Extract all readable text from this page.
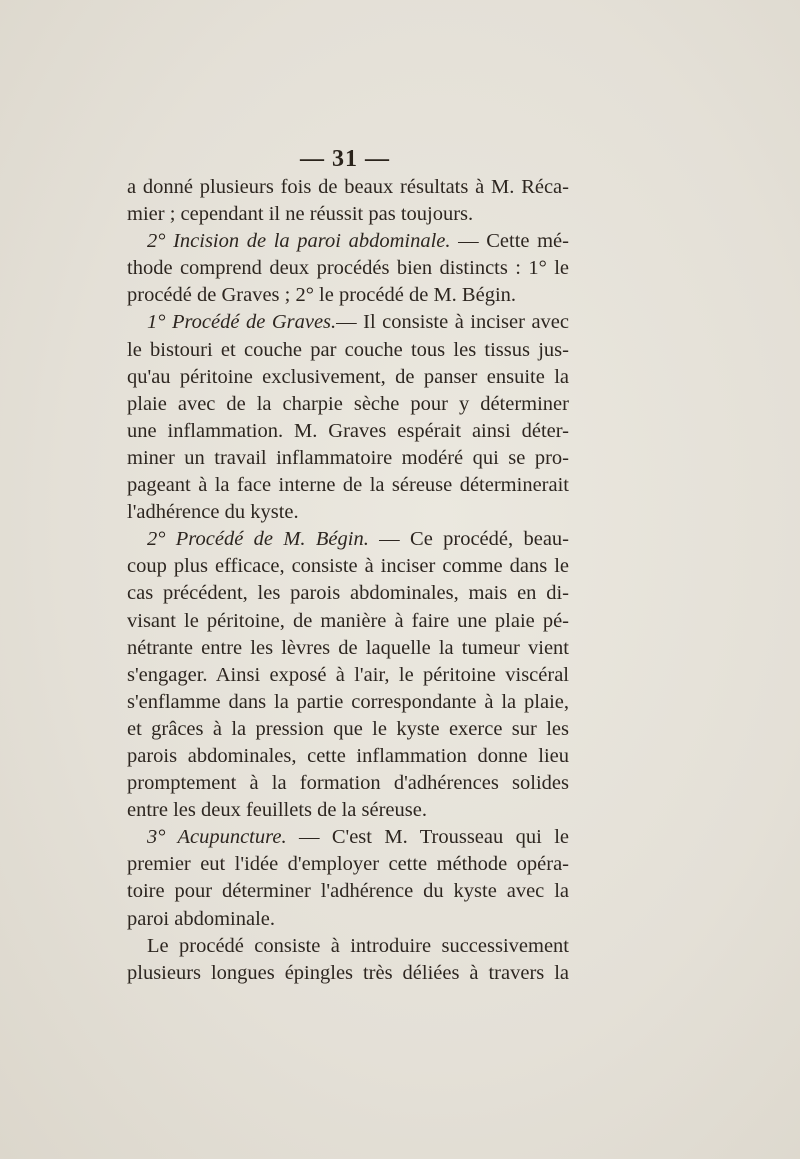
— 31 —
a donné plusieurs fois de beaux résultats à M. Réca-
mier ; cependant il ne réussit pas toujours.
2° Incision de la paroi abdominale. — Cette mé-
thode comprend deux procédés bien distincts : 1° le
procédé de Graves ; 2° le procédé de M. Bégin.
1° Procédé de Graves.— Il consiste à inciser avec
le bistouri et couche par couche tous les tissus jus-
qu'au péritoine exclusivement, de panser ensuite la
plaie avec de la charpie sèche pour y déterminer
une inflammation. M. Graves espérait ainsi déter-
miner un travail inflammatoire modéré qui se pro-
pageant à la face interne de la séreuse déterminerait
l'adhérence du kyste.
2° Procédé de M. Bégin. — Ce procédé, beau-
coup plus efficace, consiste à inciser comme dans le
cas précédent, les parois abdominales, mais en di-
visant le péritoine, de manière à faire une plaie pé-
nétrante entre les lèvres de laquelle la tumeur vient
s'engager. Ainsi exposé à l'air, le péritoine viscéral
s'enflamme dans la partie correspondante à la plaie,
et grâces à la pression que le kyste exerce sur les
parois abdominales, cette inflammation donne lieu
promptement à la formation d'adhérences solides
entre les deux feuillets de la séreuse.
3° Acupuncture. — C'est M. Trousseau qui le
premier eut l'idée d'employer cette méthode opéra-
toire pour déterminer l'adhérence du kyste avec la
paroi abdominale.
Le procédé consiste à introduire successivement
plusieurs longues épingles très déliées à travers la
